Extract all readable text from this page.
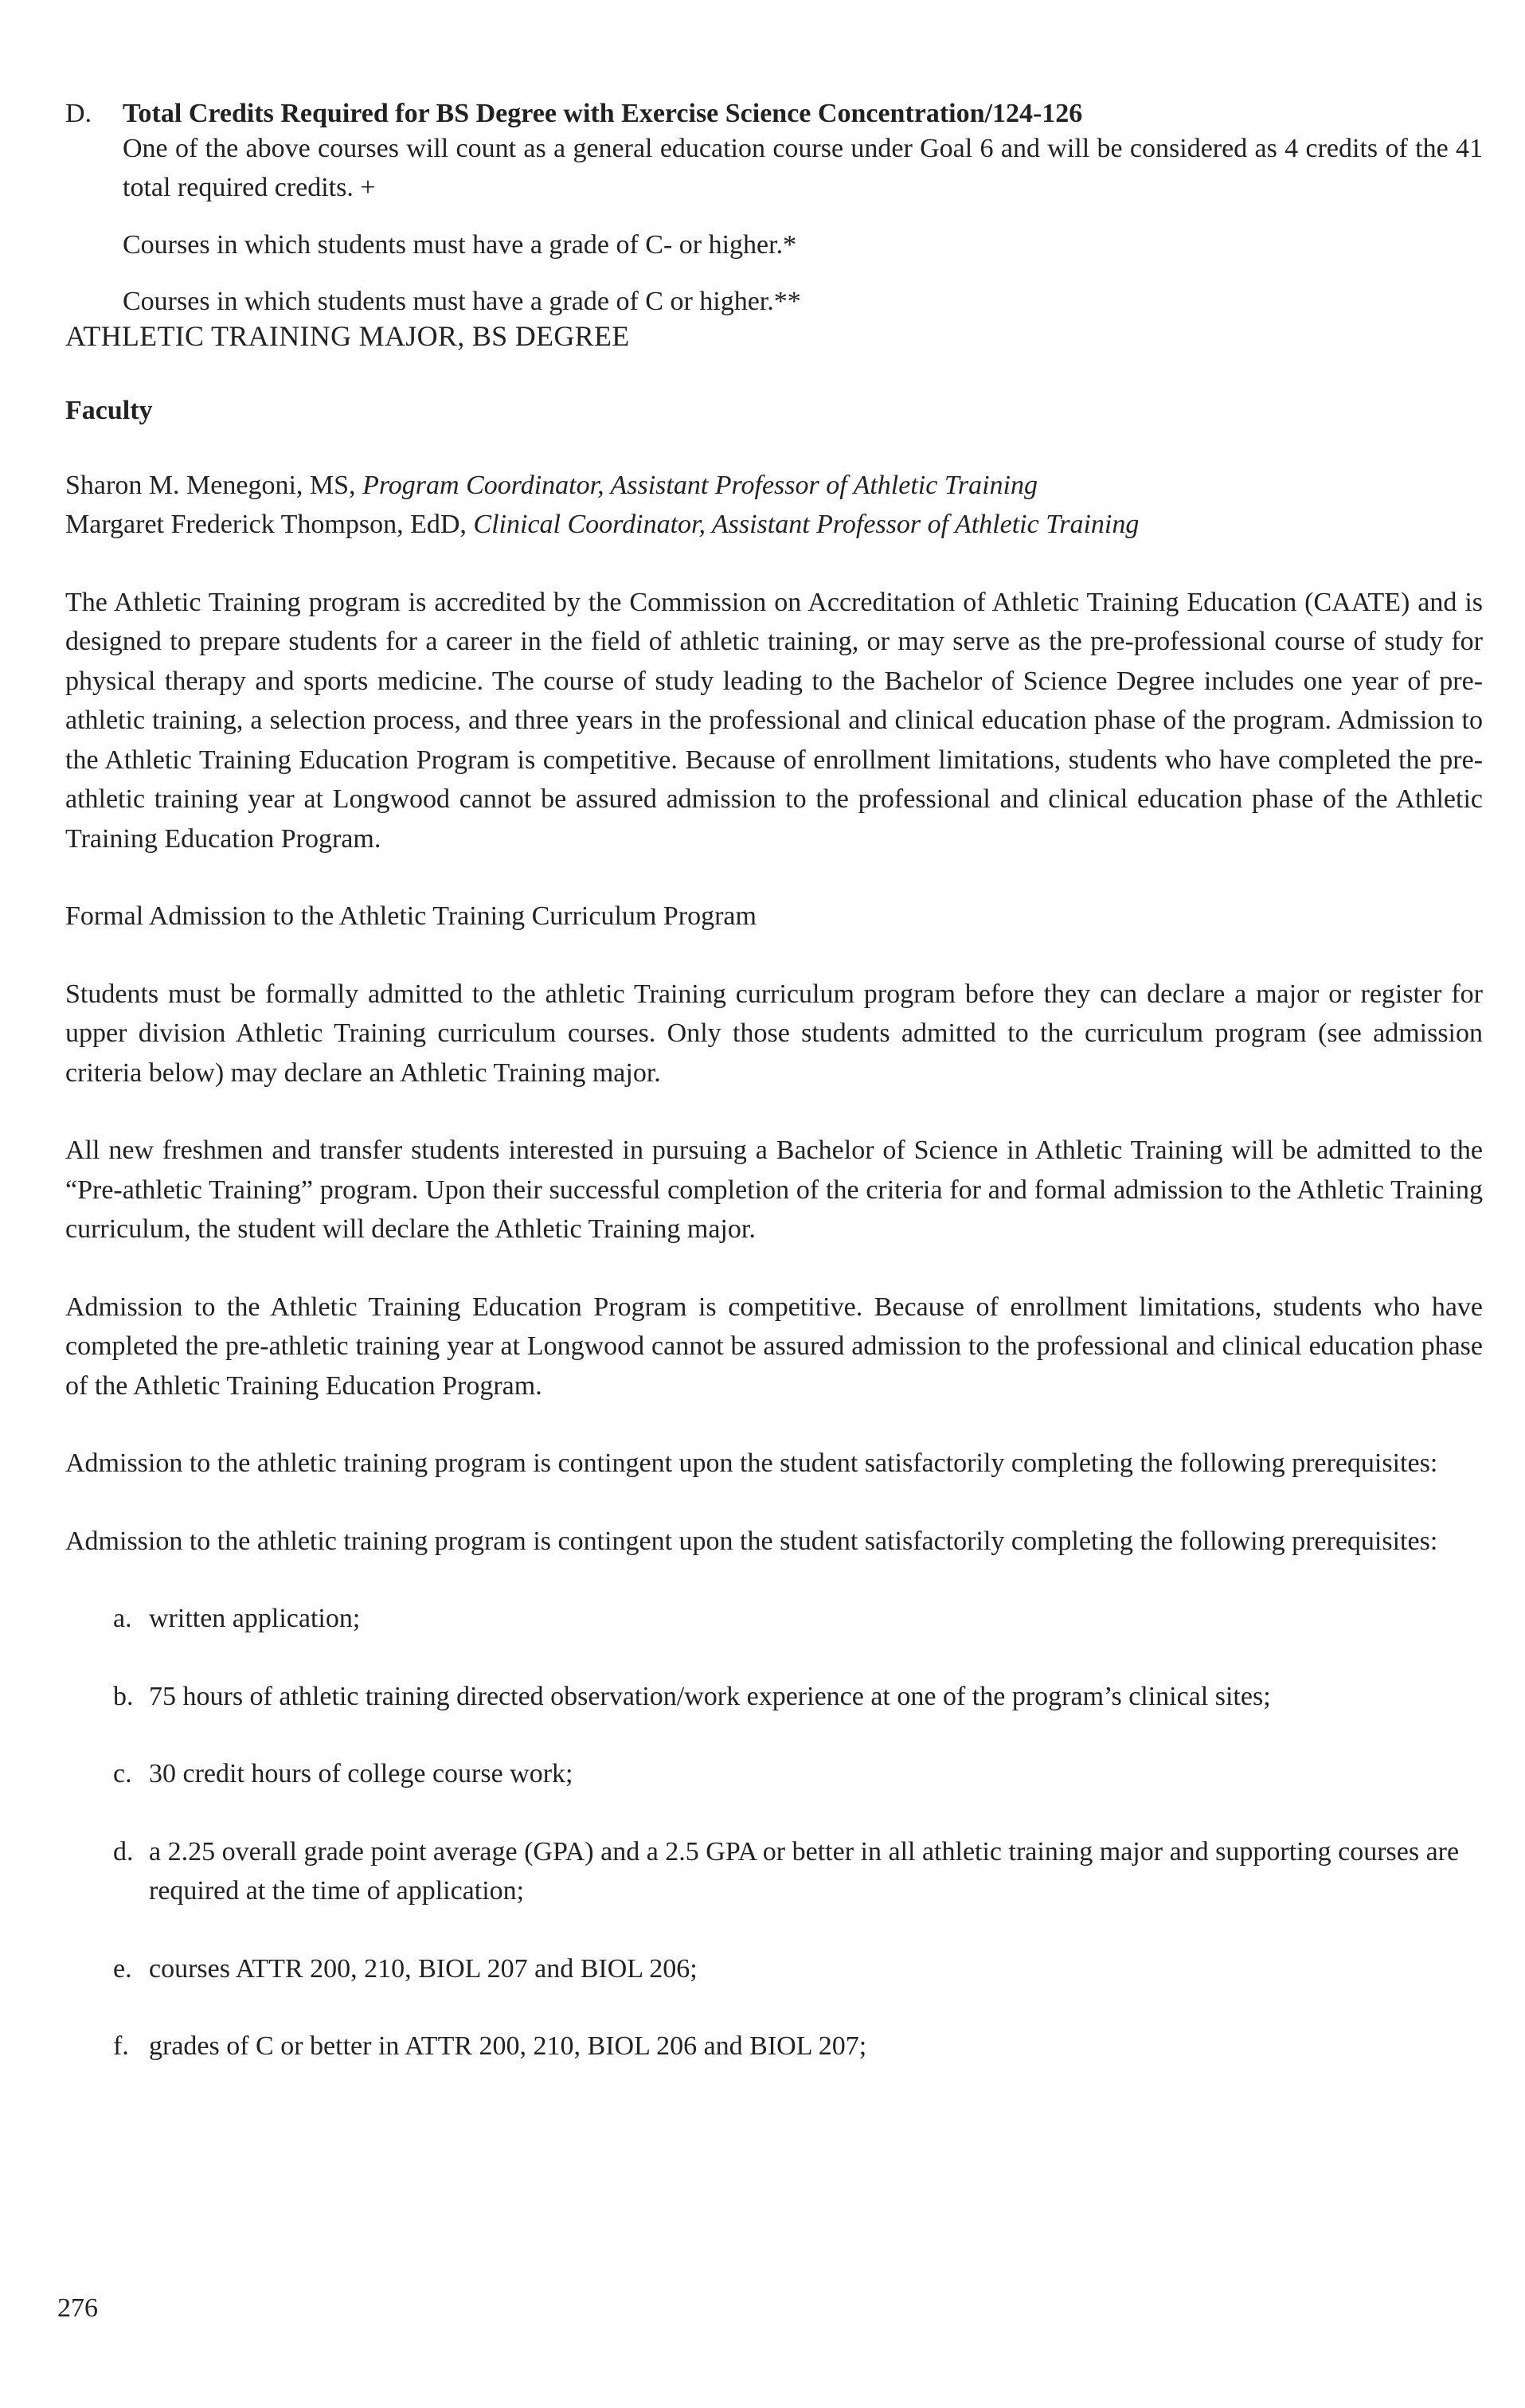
D.	Total Credits Required for BS Degree with Exercise Science Concentration/124-126

One of the above courses will count as a general education course under Goal 6 and will be considered as 4 credits of the 41 total required credits. +

Courses in which students must have a grade of C- or higher.*

Courses in which students must have a grade of C or higher.**

ATHLETIC TRAINING MAJOR, BS DEGREE

Faculty

Sharon M. Menegoni, MS, Program Coordinator, Assistant Professor of Athletic Training

Margaret Frederick Thompson, EdD, Clinical Coordinator, Assistant Professor of Athletic Training

The Athletic Training program is accredited by the Commission on Accreditation of Athletic Training Education (CAATE) and is designed to prepare students for a career in the field of athletic training, or may serve as the pre-professional course of study for physical therapy and sports medicine. The course of study leading to the Bachelor of Science Degree includes one year of pre-athletic training, a selection process, and three years in the professional and clinical education phase of the program. Admission to the Athletic Training Education Program is competitive. Because of enrollment limitations, students who have completed the pre-athletic training year at Longwood cannot be assured admission to the professional and clinical education phase of the Athletic Training Education Program.

Formal Admission to the Athletic Training Curriculum Program

Students must be formally admitted to the athletic Training curriculum program before they can declare a major or register for upper division Athletic Training curriculum courses. Only those students admitted to the curriculum program (see admission criteria below) may declare an Athletic Training major.

All new freshmen and transfer students interested in pursuing a Bachelor of Science in Athletic Training will be admitted to the “Pre-athletic Training” program. Upon their successful completion of the criteria for and formal admission to the Athletic Training curriculum, the student will declare the Athletic Training major.

Admission to the Athletic Training Education Program is competitive. Because of enrollment limitations, students who have completed the pre-athletic training year at Longwood cannot be assured admission to the professional and clinical education phase of the Athletic Training Education Program.

Admission to the athletic training program is contingent upon the student satisfactorily completing the following prerequisites:

Admission to the athletic training program is contingent upon the student satisfactorily completing the following prerequisites:

a. written application;
b. 75 hours of athletic training directed observation/work experience at one of the program’s clinical sites;
c. 30 credit hours of college course work;
d. a 2.25 overall grade point average (GPA) and a 2.5 GPA or better in all athletic training major and supporting courses are required at the time of application;
e. courses ATTR 200, 210, BIOL 207 and BIOL 206;
f. grades of C or better in ATTR 200, 210, BIOL 206 and BIOL 207;
276
